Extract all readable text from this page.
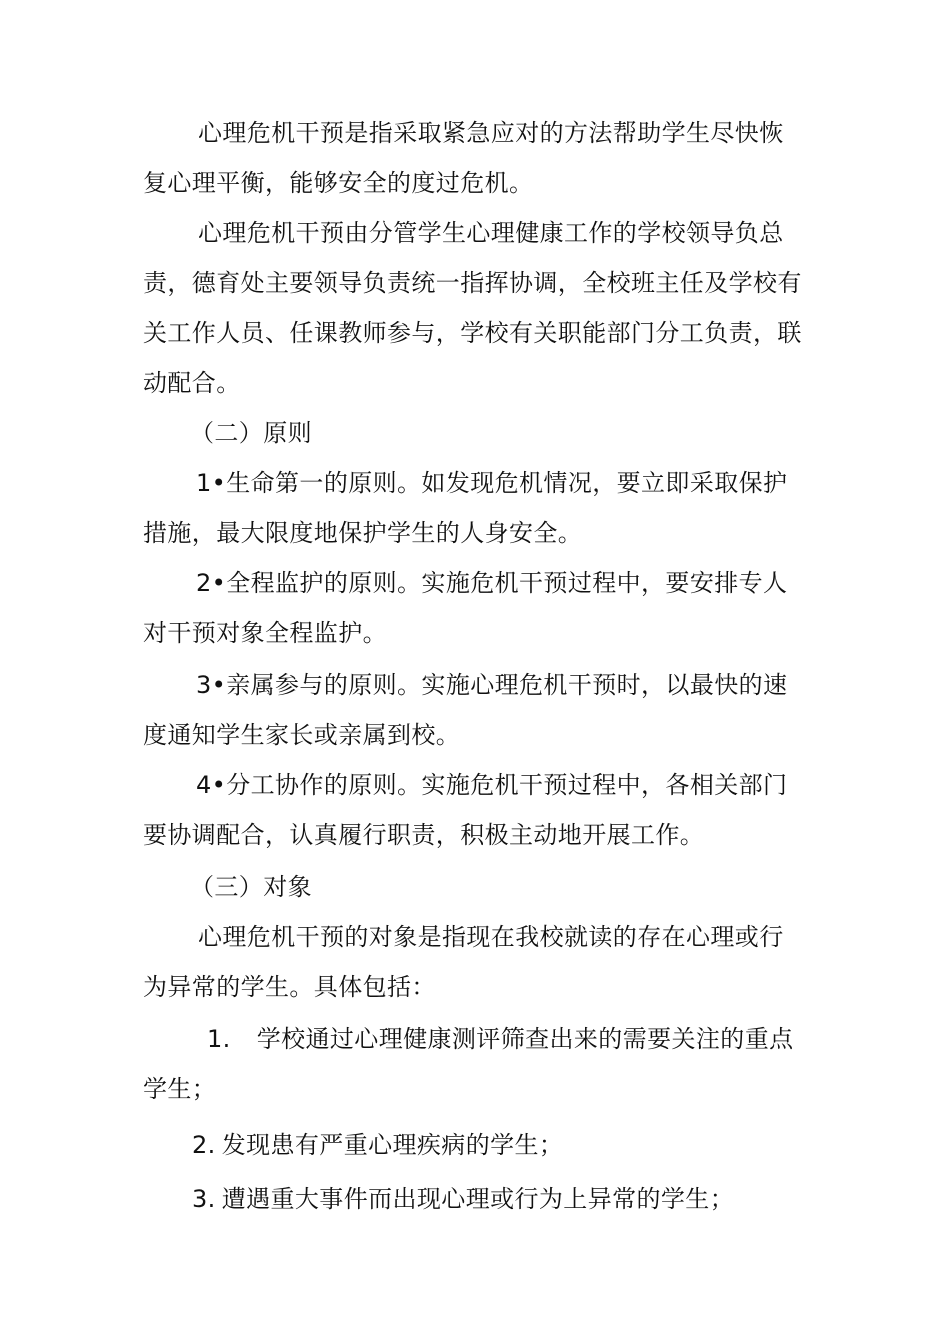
心理危机干预是指采取紧急应对的方法帮助学生尽快恢
复心理平衡，能够安全的度过危机。
心理危机干预由分管学生心理健康工作的学校领导负总
责，德育处主要领导负责统一指挥协调，全校班主任及学校有
关工作人员、任课教师参与，学校有关职能部门分工负责，联
动配合。
（二）原则
1•生命第一的原则。如发现危机情况，要立即采取保护
措施，最大限度地保护学生的人身安全。
2•全程监护的原则。实施危机干预过程中，要安排专人
对干预对象全程监护。
3•亲属参与的原则。实施心理危机干预时，以最快的速
度通知学生家长或亲属到校。
4•分工协作的原则。实施危机干预过程中，各相关部门
要协调配合，认真履行职责，积极主动地开展工作。
（三）对象
心理危机干预的对象是指现在我校就读的存在心理或行
为异常的学生。具体包括：
1. 学校通过心理健康测评筛查出来的需要关注的重点
学生；
2. 发现患有严重心理疾病的学生；
3. 遭遇重大事件而出现心理或行为上异常的学生；
